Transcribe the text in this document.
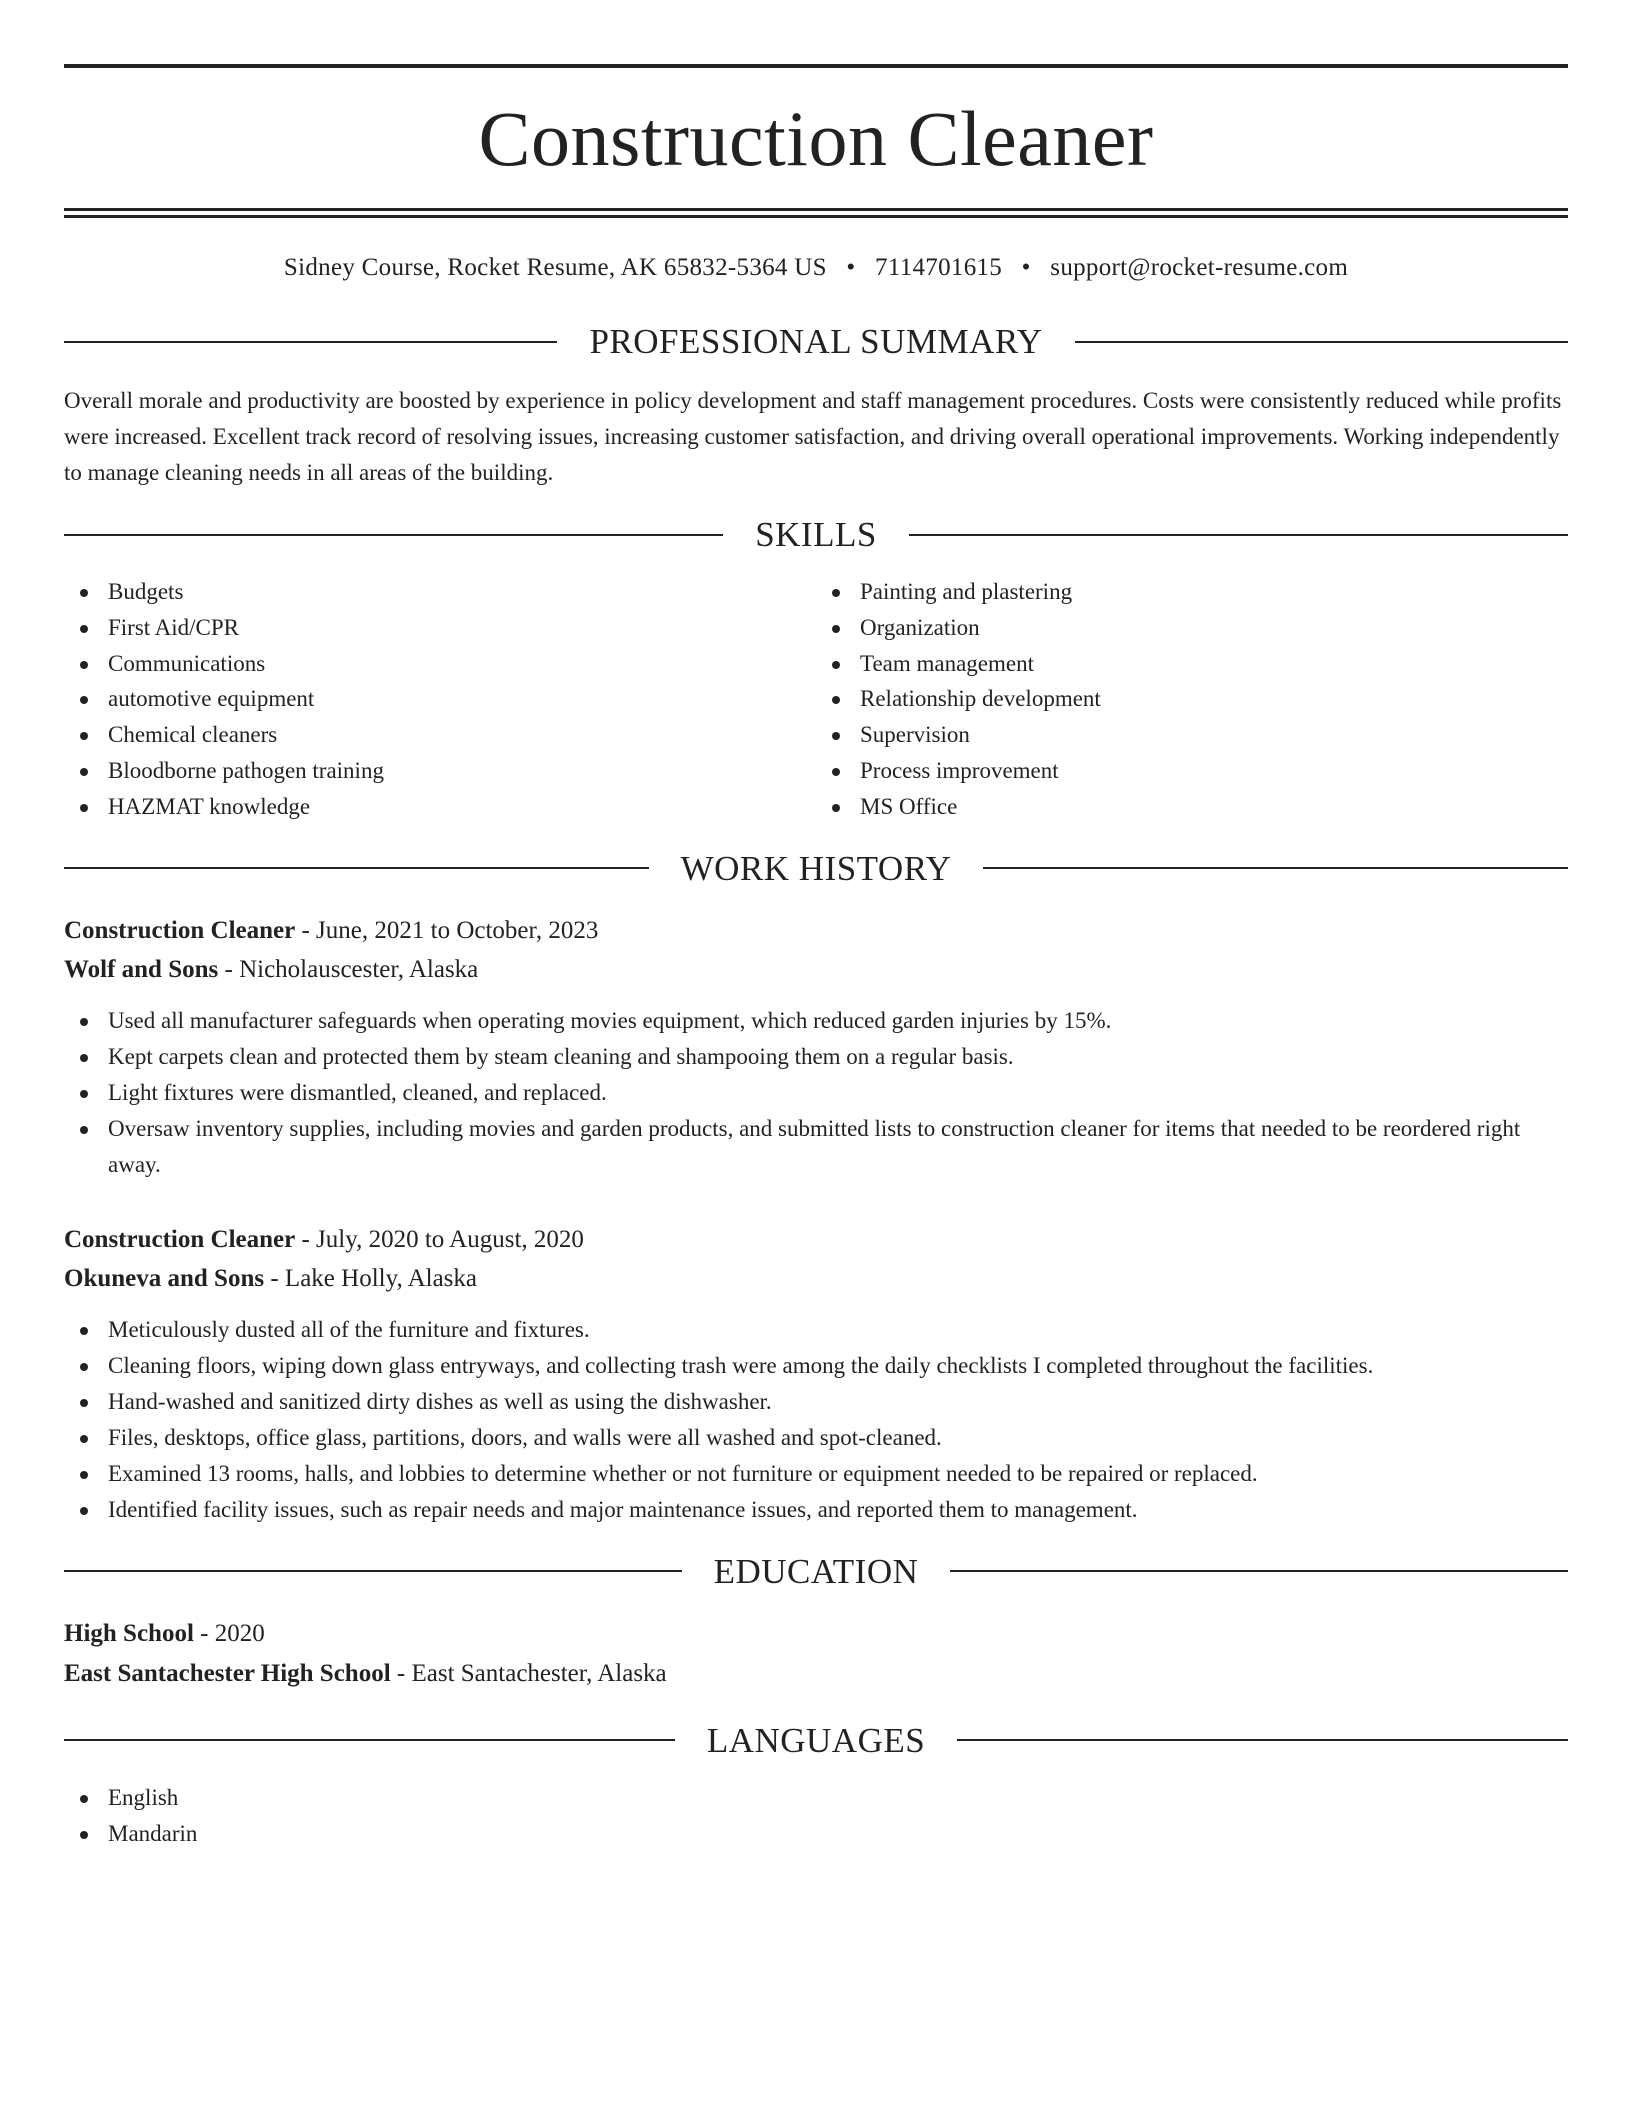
Construction Cleaner
Sidney Course, Rocket Resume, AK 65832-5364 US • 7114701615 • support@rocket-resume.com
PROFESSIONAL SUMMARY

Overall morale and productivity are boosted by experience in policy development and staff management procedures. Costs were consistently reduced while profits were increased. Excellent track record of resolving issues, increasing customer satisfaction, and driving overall operational improvements. Working independently to manage cleaning needs in all areas of the building.

SKILLS
Budgets
First Aid/CPR
Communications
automotive equipment
Chemical cleaners
Bloodborne pathogen training
HAZMAT knowledge
Painting and plastering
Organization
Team management
Relationship development
Supervision
Process improvement
MS Office
WORK HISTORY
Construction Cleaner - June, 2021 to October, 2023
Wolf and Sons - Nicholauscester, Alaska
Used all manufacturer safeguards when operating movies equipment, which reduced garden injuries by 15%.
Kept carpets clean and protected them by steam cleaning and shampooing them on a regular basis.
Light fixtures were dismantled, cleaned, and replaced.
Oversaw inventory supplies, including movies and garden products, and submitted lists to construction cleaner for items that needed to be reordered right away.
Construction Cleaner - July, 2020 to August, 2020
Okuneva and Sons - Lake Holly, Alaska
Meticulously dusted all of the furniture and fixtures.
Cleaning floors, wiping down glass entryways, and collecting trash were among the daily checklists I completed throughout the facilities.
Hand-washed and sanitized dirty dishes as well as using the dishwasher.
Files, desktops, office glass, partitions, doors, and walls were all washed and spot-cleaned.
Examined 13 rooms, halls, and lobbies to determine whether or not furniture or equipment needed to be repaired or replaced.
Identified facility issues, such as repair needs and major maintenance issues, and reported them to management.
EDUCATION
High School - 2020
East Santachester High School - East Santachester, Alaska
LANGUAGES
English
Mandarin
